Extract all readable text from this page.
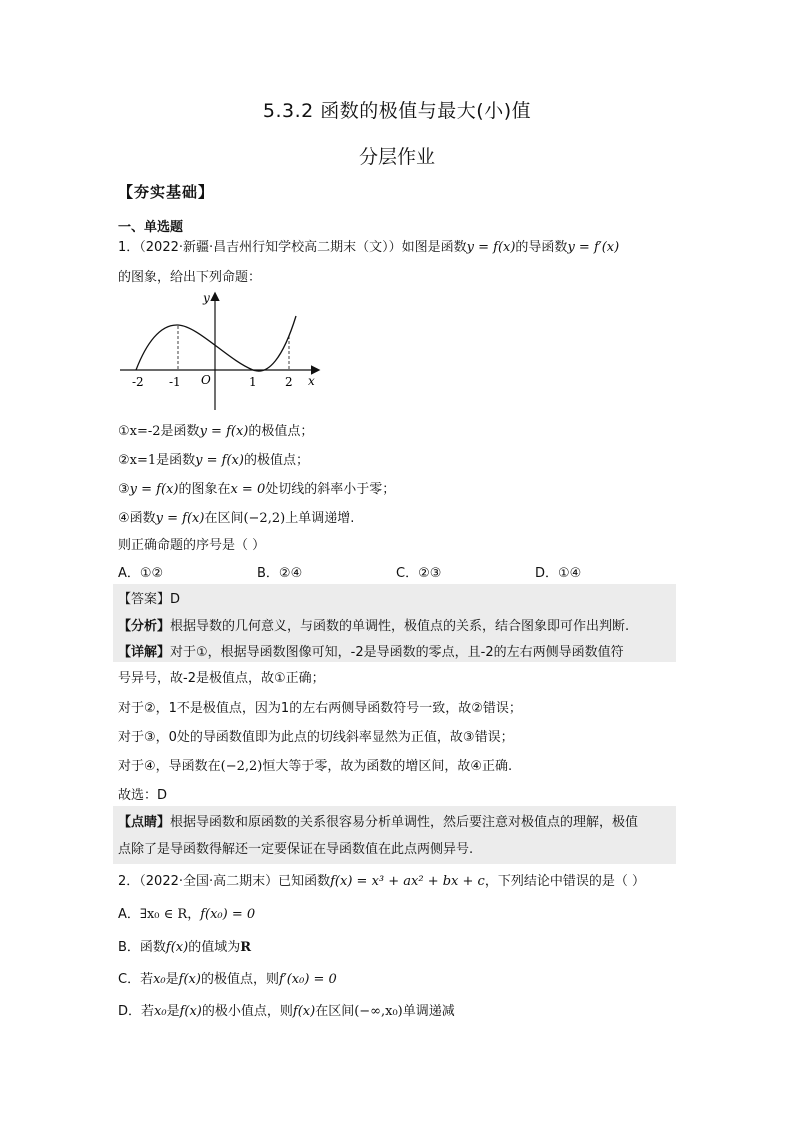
5.3.2 函数的极值与最大(小)值
分层作业
【夯实基础】
一、单选题
1．（2022·新疆·昌吉州行知学校高二期末（文））如图是函数y = f(x)的导函数y = f′(x)
的图象，给出下列命题：
y
x
O
-2 -1	1 2
①x=-2是函数y = f(x)的极值点；
②x=1是函数y = f(x)的极值点；
③y = f(x)的图象在x = 0处切线的斜率小于零；
④函数y = f(x)在区间(−2,2)上单调递增.
则正确命题的序号是（ ）
A．①②	B．②④	C．②③	D．①④
【答案】D
【分析】根据导数的几何意义，与函数的单调性，极值点的关系，结合图象即可作出判断.
【详解】对于①，根据导函数图像可知，-2是导函数的零点，且-2的左右两侧导函数值符
号异号，故-2是极值点，故①正确；
对于②，1不是极值点，因为1的左右两侧导函数符号一致，故②错误；
对于③，0处的导函数值即为此点的切线斜率显然为正值，故③错误；
对于④，导函数在(−2,2)恒大等于零，故为函数的增区间，故④正确.
故选：D
【点睛】根据导函数和原函数的关系很容易分析单调性，然后要注意对极值点的理解，极值
点除了是导函数得解还一定要保证在导函数值在此点两侧异号.
2．（2022·全国·高二期末）已知函数f(x) = x³ + ax² + bx + c，下列结论中错误的是（ ）
A．∃x₀ ∈ R，f(x₀) = 0
B．函数f(x)的值域为R
C．若x₀是f(x)的极值点，则f′(x₀) = 0
D．若x₀是f(x)的极小值点，则f(x)在区间(−∞,x₀)单调递减
